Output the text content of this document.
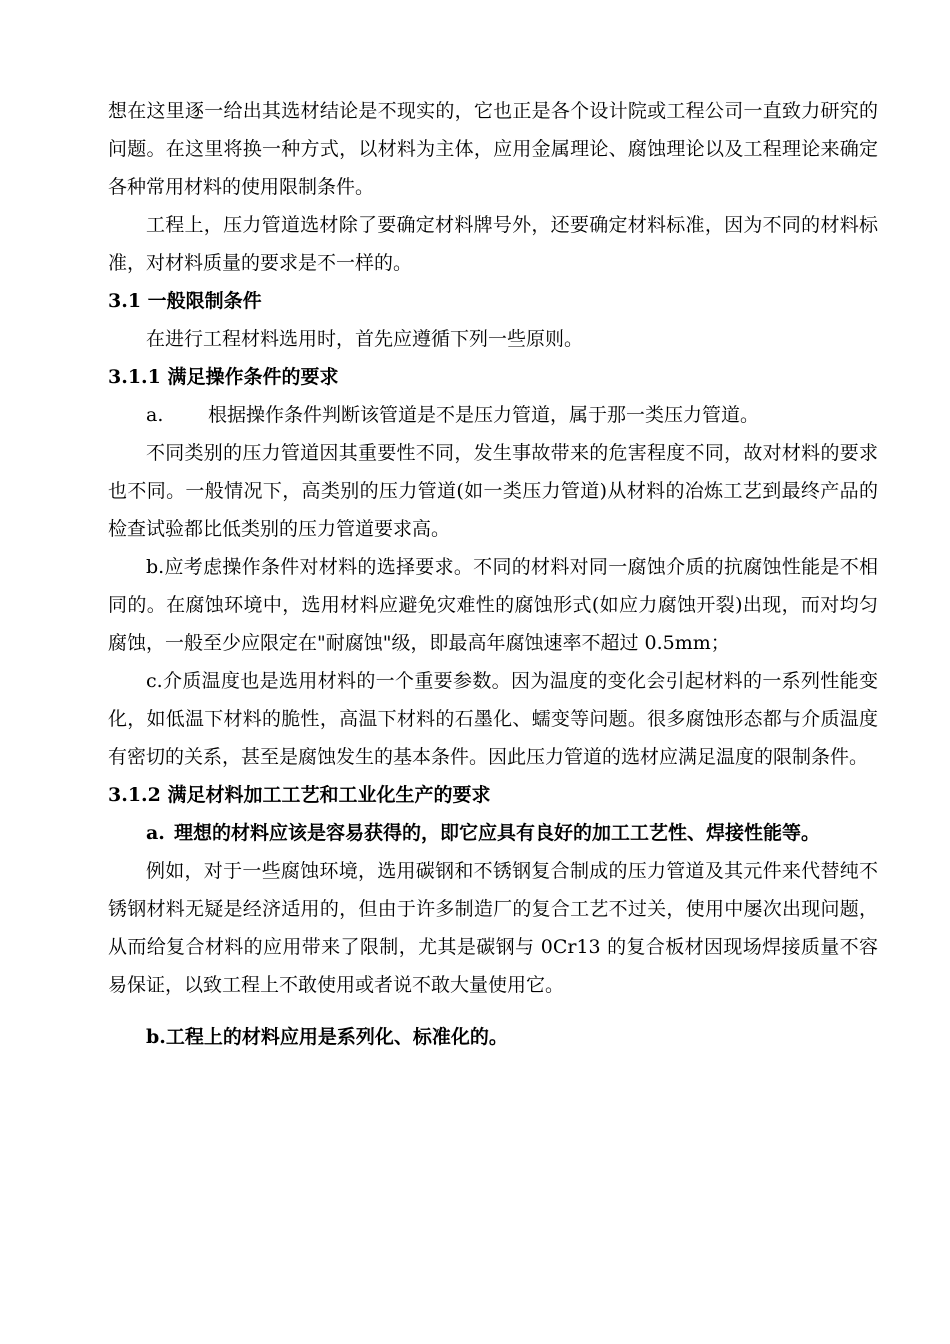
想在这里逐一给出其选材结论是不现实的，它也正是各个设计院或工程公司一直致力研究的问题。在这里将换一种方式，以材料为主体，应用金属理论、腐蚀理论以及工程理论来确定各种常用材料的使用限制条件。

工程上，压力管道选材除了要确定材料牌号外，还要确定材料标准，因为不同的材料标准，对材料质量的要求是不一样的。

3.1 一般限制条件

在进行工程材料选用时，首先应遵循下列一些原则。

3.1.1 满足操作条件的要求

a. 根据操作条件判断该管道是不是压力管道，属于那一类压力管道。

不同类别的压力管道因其重要性不同，发生事故带来的危害程度不同，故对材料的要求也不同。一般情况下，高类别的压力管道(如一类压力管道)从材料的冶炼工艺到最终产品的检查试验都比低类别的压力管道要求高。

b.应考虑操作条件对材料的选择要求。不同的材料对同一腐蚀介质的抗腐蚀性能是不相同的。在腐蚀环境中，选用材料应避免灾难性的腐蚀形式(如应力腐蚀开裂)出现，而对均匀腐蚀，一般至少应限定在"耐腐蚀"级，即最高年腐蚀速率不超过 0.5mm；

c.介质温度也是选用材料的一个重要参数。因为温度的变化会引起材料的一系列性能变化，如低温下材料的脆性，高温下材料的石墨化、蠕变等问题。很多腐蚀形态都与介质温度有密切的关系，甚至是腐蚀发生的基本条件。因此压力管道的选材应满足温度的限制条件。

3.1.2 满足材料加工工艺和工业化生产的要求

a. 理想的材料应该是容易获得的，即它应具有良好的加工工艺性、焊接性能等。

例如，对于一些腐蚀环境，选用碳钢和不锈钢复合制成的压力管道及其元件来代替纯不锈钢材料无疑是经济适用的，但由于许多制造厂的复合工艺不过关，使用中屡次出现问题，从而给复合材料的应用带来了限制，尤其是碳钢与 0Cr13 的复合板材因现场焊接质量不容易保证，以致工程上不敢使用或者说不敢大量使用它。

b.工程上的材料应用是系列化、标准化的。
